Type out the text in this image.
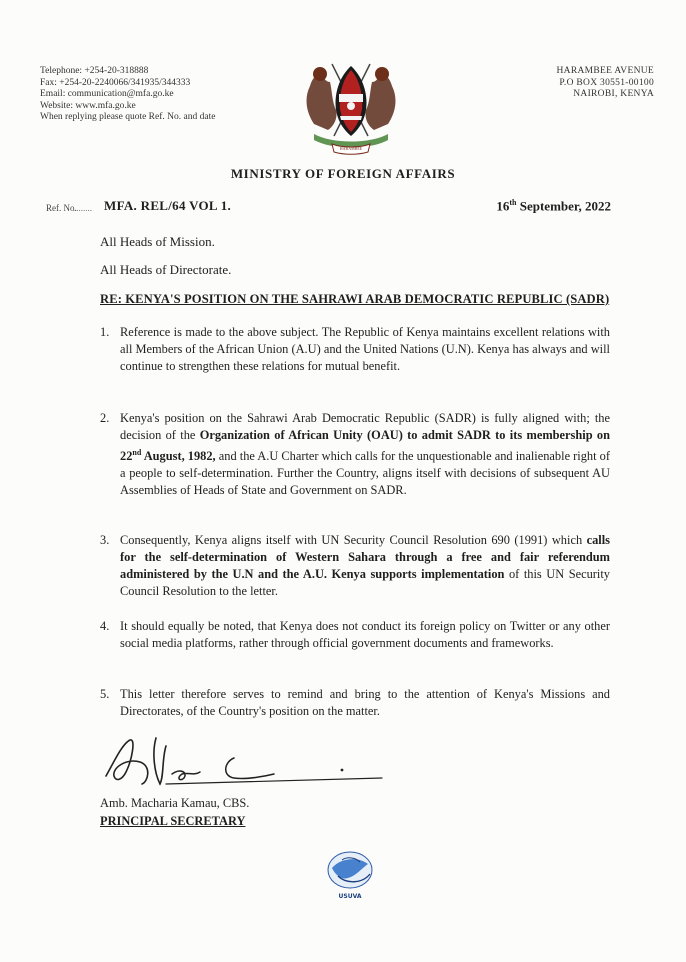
Telephone: +254-20-318888
Fax: +254-20-2240066/341935/344333
Email: communication@mfa.go.ke
Website: www.mfa.go.ke
When replying please quote Ref. No. and date
HARAMBEE
HARAMBEE AVENUE
P.O BOX 30551-00100
NAIROBI, KENYA
MINISTRY OF FOREIGN AFFAIRS
Ref. No.
........ MFA. REL/64 VOL 1.	16th September, 2022
All Heads of Mission.
All Heads of Directorate.
RE: KENYA'S POSITION ON THE SAHRAWI ARAB DEMOCRATIC REPUBLIC (SADR)
1. Reference is made to the above subject. The Republic of Kenya maintains excellent relations with all Members of the African Union (A.U) and the United Nations (U.N). Kenya has always and will continue to strengthen these relations for mutual benefit.
2. Kenya's position on the Sahrawi Arab Democratic Republic (SADR) is fully aligned with; the decision of the Organization of African Unity (OAU) to admit SADR to its membership on 22nd August, 1982, and the A.U Charter which calls for the unquestionable and inalienable right of a people to self-determination. Further the Country, aligns itself with decisions of subsequent AU Assemblies of Heads of State and Government on SADR.
3. Consequently, Kenya aligns itself with UN Security Council Resolution 690 (1991) which calls for the self-determination of Western Sahara through a free and fair referendum administered by the U.N and the A.U. Kenya supports implementation of this UN Security Council Resolution to the letter.
4. It should equally be noted, that Kenya does not conduct its foreign policy on Twitter or any other social media platforms, rather through official government documents and frameworks.
5. This letter therefore serves to remind and bring to the attention of Kenya's Missions and Directorates, of the Country's position on the matter.
Amb. Macharia Kamau, CBS.
PRINCIPAL SECRETARY
USUVA
